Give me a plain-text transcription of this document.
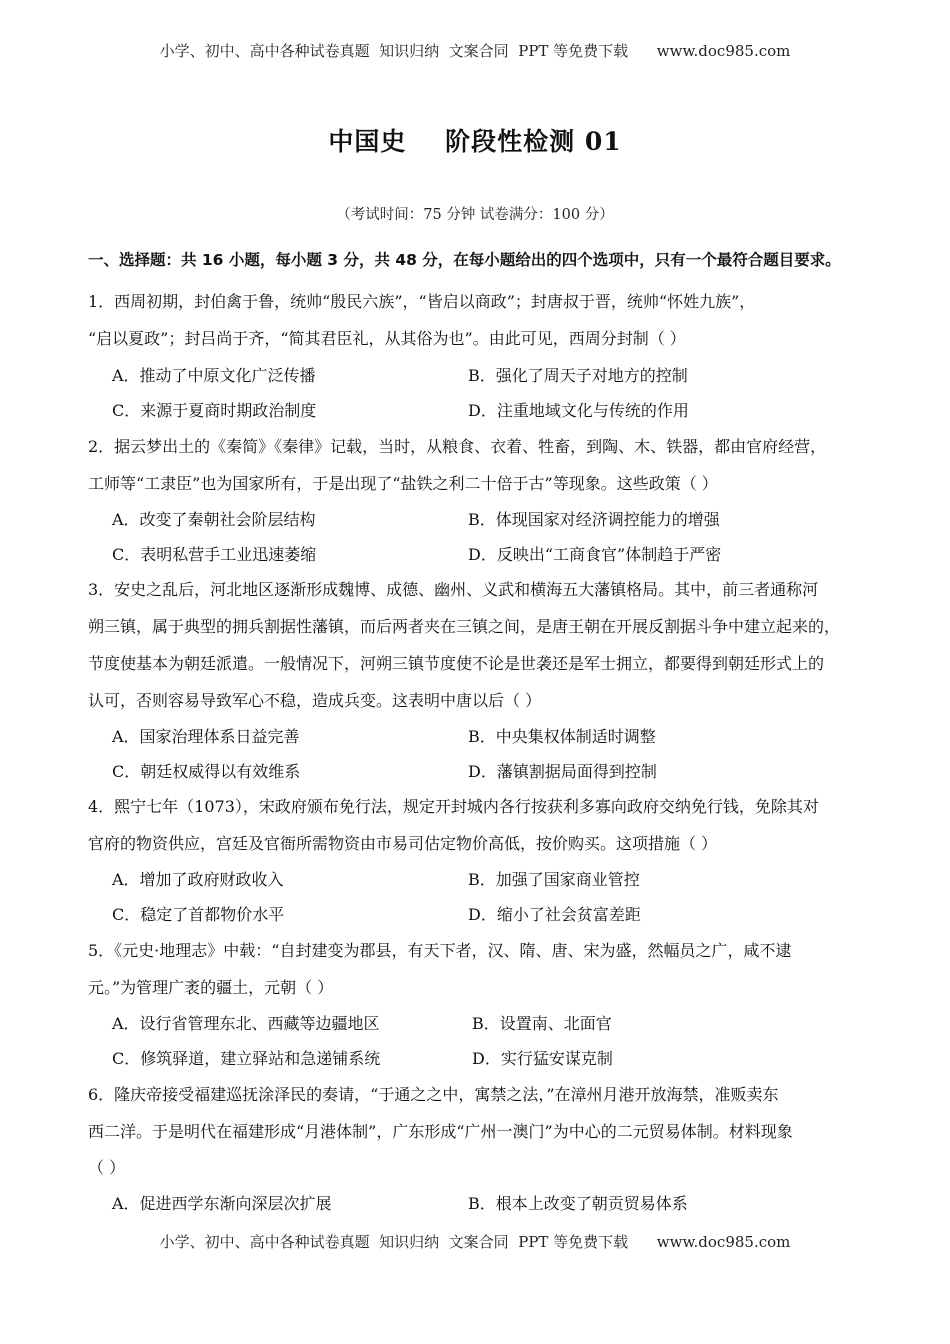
小学、初中、高中各种试卷真题  知识归纳  文案合同  PPT 等免费下载      www.doc985.com
中国史    阶段性检测 01
（考试时间：75 分钟 试卷满分：100 分）
一、选择题：共 16 小题，每小题 3 分，共 48 分，在每小题给出的四个选项中，只有一个最符合题目要求。
1．西周初期，封伯禽于鲁，统帅“殷民六族”，“皆启以商政”；封唐叔于晋，统帅“怀姓九族”，
“启以夏政”；封吕尚于齐，“简其君臣礼，从其俗为也”。由此可见，西周分封制（ ）
A．推动了中原文化广泛传播	B．强化了周天子对地方的控制
C．来源于夏商时期政治制度	D．注重地域文化与传统的作用
2．据云梦出土的《秦简》《秦律》记载，当时，从粮食、衣着、牲畜，到陶、木、铁器，都由官府经营，
工师等“工隶臣”也为国家所有，于是出现了“盐铁之利二十倍于古”等现象。这些政策（ ）
A．改变了秦朝社会阶层结构	B．体现国家对经济调控能力的增强
C．表明私营手工业迅速萎缩	D．反映出“工商食官”体制趋于严密
3．安史之乱后，河北地区逐渐形成魏博、成德、幽州、义武和横海五大藩镇格局。其中，前三者通称河
朔三镇，属于典型的拥兵割据性藩镇，而后两者夹在三镇之间，是唐王朝在开展反割据斗争中建立起来的，
节度使基本为朝廷派遣。一般情况下，河朔三镇节度使不论是世袭还是军士拥立，都要得到朝廷形式上的
认可，否则容易导致军心不稳，造成兵变。这表明中唐以后（ ）
A．国家治理体系日益完善	B．中央集权体制适时调整
C．朝廷权威得以有效维系	D．藩镇割据局面得到控制
4．熙宁七年（1073），宋政府颁布免行法，规定开封城内各行按获利多寡向政府交纳免行钱，免除其对
官府的物资供应，宫廷及官衙所需物资由市易司估定物价高低，按价购买。这项措施（ ）
A．增加了政府财政收入	B．加强了国家商业管控
C．稳定了首都物价水平	D．缩小了社会贫富差距
5．《元史·地理志》中载：“自封建变为郡县，有天下者，汉、隋、唐、宋为盛，然幅员之广，咸不逮
元。”为管理广袤的疆土，元朝（ ）
A．设行省管理东北、西藏等边疆地区	B．设置南、北面官
C．修筑驿道，建立驿站和急递铺系统	D．实行猛安谋克制
6．隆庆帝接受福建巡抚涂泽民的奏请，“于通之之中，寓禁之法，”在漳州月港开放海禁，准贩卖东
西二洋。于是明代在福建形成“月港体制”，广东形成“广州一澳门”为中心的二元贸易体制。材料现象
（ ）
A．促进西学东渐向深层次扩展	B．根本上改变了朝贡贸易体系
小学、初中、高中各种试卷真题  知识归纳  文案合同  PPT 等免费下载      www.doc985.com
